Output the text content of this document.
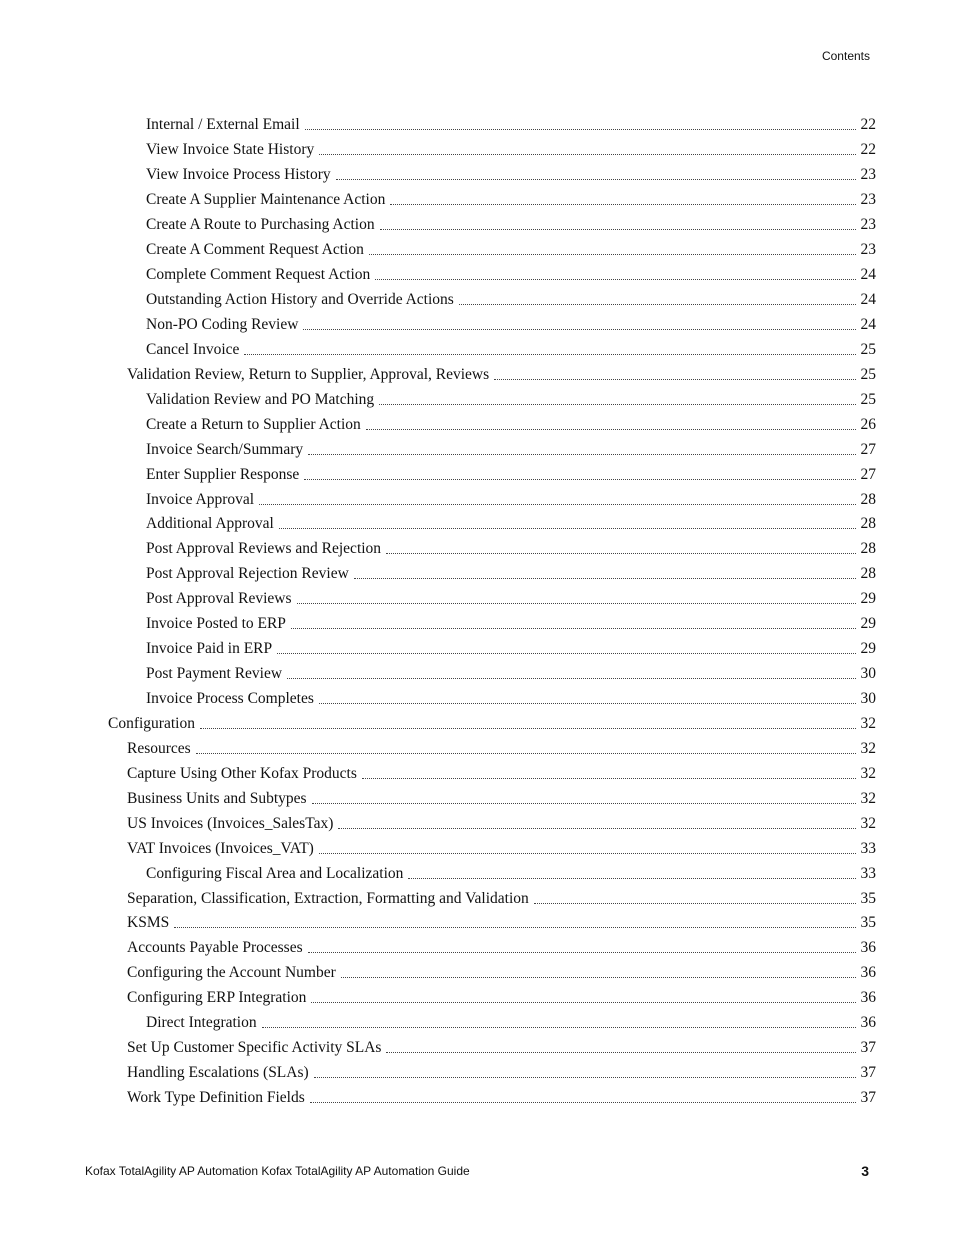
Contents
Internal / External Email	22
View Invoice State History	22
View Invoice Process History	23
Create A Supplier Maintenance Action	23
Create A Route to Purchasing Action	23
Create A Comment Request Action	23
Complete Comment Request Action	24
Outstanding Action History and Override Actions	24
Non-PO Coding Review	24
Cancel Invoice	25
Validation Review, Return to Supplier, Approval, Reviews	25
Validation Review and PO Matching	25
Create a Return to Supplier Action	26
Invoice Search/Summary	27
Enter Supplier Response	27
Invoice Approval	28
Additional Approval	28
Post Approval Reviews and Rejection	28
Post Approval Rejection Review	28
Post Approval Reviews	29
Invoice Posted to ERP	29
Invoice Paid in ERP	29
Post Payment Review	30
Invoice Process Completes	30
Configuration	32
Resources	32
Capture Using Other Kofax Products	32
Business Units and Subtypes	32
US Invoices (Invoices_SalesTax)	32
VAT Invoices (Invoices_VAT)	33
Configuring Fiscal Area and Localization	33
Separation, Classification, Extraction, Formatting and Validation	35
KSMS	35
Accounts Payable Processes	36
Configuring the Account Number	36
Configuring ERP Integration	36
Direct Integration	36
Set Up Customer Specific Activity SLAs	37
Handling Escalations (SLAs)	37
Work Type Definition Fields	37
Kofax TotalAgility AP Automation Kofax TotalAgility AP Automation Guide	3
